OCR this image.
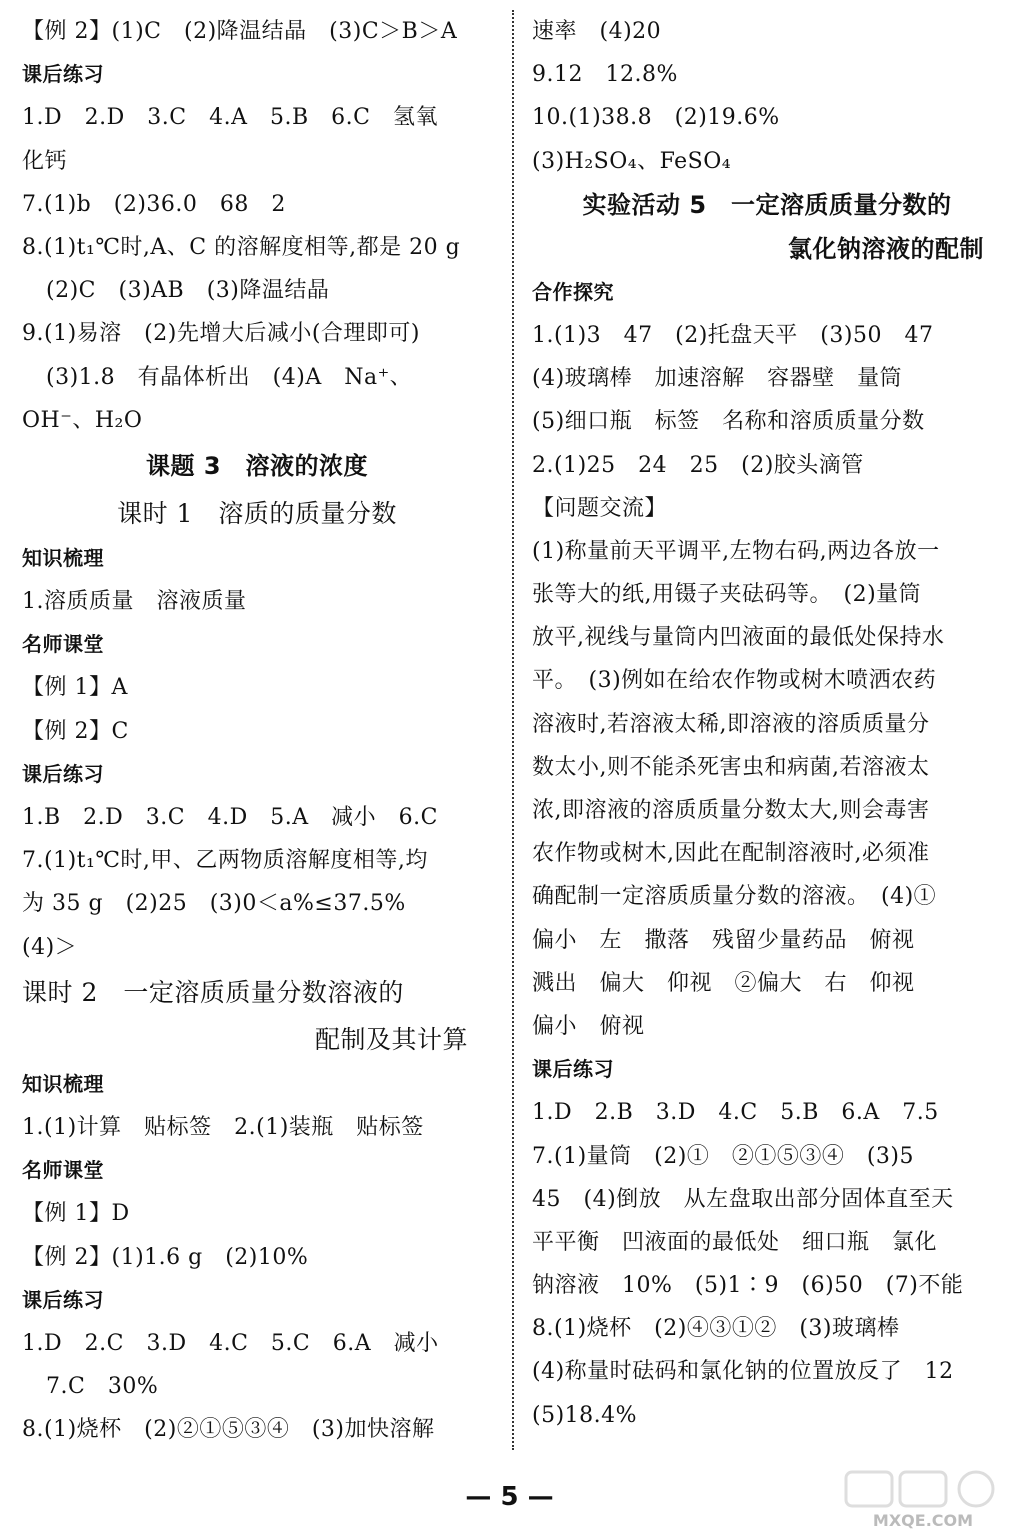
【例 2】(1)C　(2)降温结晶　(3)C＞B＞A
课后练习
1.D　2.D　3.C　4.A　5.B　6.C　氢氧
化钙
7.(1)b　(2)36.0　68　2
8.(1)t₁℃时,A、C 的溶解度相等,都是 20 g
(2)C　(3)AB　(3)降温结晶
9.(1)易溶　(2)先增大后减小(合理即可)
(3)1.8　有晶体析出　(4)A　Na⁺、
OH⁻、H₂O
课题 3　溶液的浓度
课时 1　溶质的质量分数
知识梳理
1.溶质质量　溶液质量
名师课堂
【例 1】A
【例 2】C
课后练习
1.B　2.D　3.C　4.D　5.A　减小　6.C
7.(1)t₁℃时,甲、乙两物质溶解度相等,均
为 35 g　(2)25　(3)0＜a%≤37.5%
(4)＞
课时 2　一定溶质质量分数溶液的
配制及其计算
知识梳理
1.(1)计算　贴标签　2.(1)装瓶　贴标签
名师课堂
【例 1】D
【例 2】(1)1.6 g　(2)10%
课后练习
1.D　2.C　3.D　4.C　5.C　6.A　减小
7.C　30%
8.(1)烧杯　(2)②①⑤③④　(3)加快溶解
速率　(4)20
9.12　12.8%
10.(1)38.8　(2)19.6%
(3)H₂SO₄、FeSO₄
实验活动 5　一定溶质质量分数的
氯化钠溶液的配制
合作探究
1.(1)3　47　(2)托盘天平　(3)50　47
(4)玻璃棒　加速溶解　容器壁　量筒
(5)细口瓶　标签　名称和溶质质量分数
2.(1)25　24　25　(2)胶头滴管
【问题交流】
(1)称量前天平调平,左物右码,两边各放一
张等大的纸,用镊子夹砝码等。　(2)量筒
放平,视线与量筒内凹液面的最低处保持水
平。　(3)例如在给农作物或树木喷洒农药
溶液时,若溶液太稀,即溶液的溶质质量分
数太小,则不能杀死害虫和病菌,若溶液太
浓,即溶液的溶质质量分数太大,则会毒害
农作物或树木,因此在配制溶液时,必须准
确配制一定溶质质量分数的溶液。　(4)①
偏小　左　撒落　残留少量药品　俯视
溅出　偏大　仰视　②偏大　右　仰视
偏小　俯视
课后练习
1.D　2.B　3.D　4.C　5.B　6.A　7.5
7.(1)量筒　(2)①　②①⑤③④　(3)5
45　(4)倒放　从左盘取出部分固体直至天
平平衡　凹液面的最低处　细口瓶　氯化
钠溶液　10%　(5)1∶9　(6)50　(7)不能
8.(1)烧杯　(2)④③①②　(3)玻璃棒
(4)称量时砝码和氯化钠的位置放反了　12
(5)18.4%
— 5 —
MXQE.COM
